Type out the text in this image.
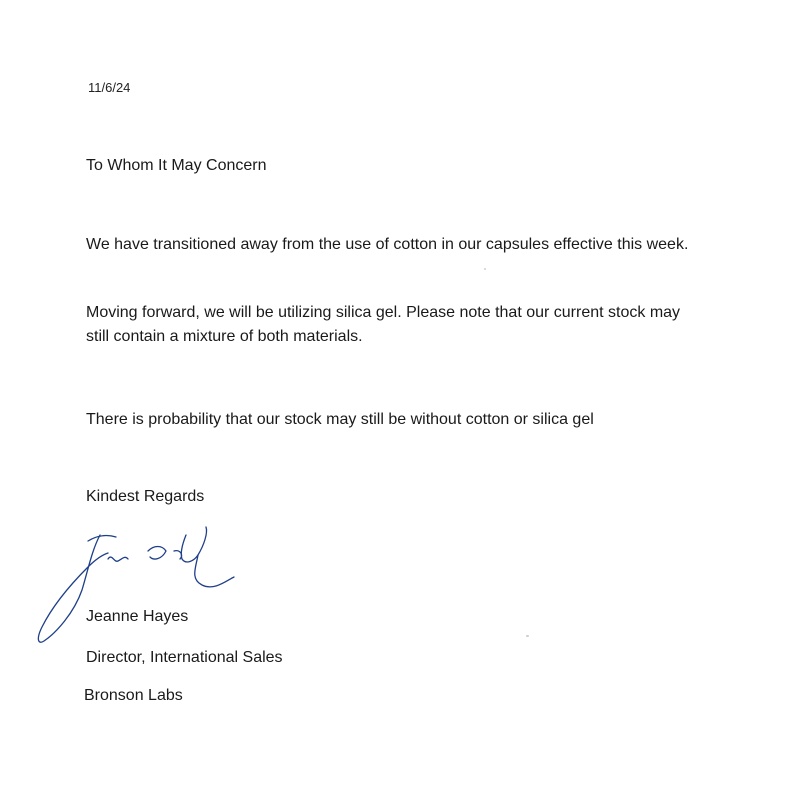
11/6/24
To Whom It May Concern
We have transitioned away from the use of cotton in our capsules effective this week.
Moving forward, we will be utilizing silica gel. Please note that our current stock may still contain a mixture of both materials.
There is probability that our stock may still be without cotton or silica gel
Kindest Regards
Jeanne Hayes
Director, International Sales
Bronson Labs
